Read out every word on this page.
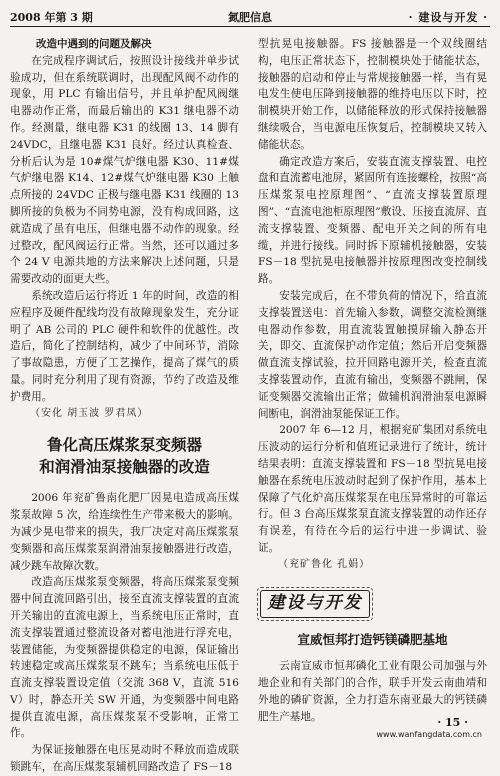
2008 年第 3 期	氮肥信息	· 建设与开发 ·

改造中遇到的问题及解决

在完成程序调试后，按照设计接线并单步试验成功，但在系统联调时，出现配风阀不动作的现象，用 PLC 有输出信号，并且单护配风阀继电器动作正常，而最后输出的 K31 继电器不动作。经测量，继电器 K31 的线圈 13、14 脚有 24VDC，且继电器 K31 良好。经过认真检查、分析后认为是 10#煤气炉继电器 K30、11#煤气炉继电器 K14、12#煤气炉继电器 K30 上触点所接的 24VDC 正极与继电器 K31 线圈的 13 脚所接的负极为不同势电源，没有构成回路，这就造成了虽有电压，但继电器不动作的现象。经过整改，配风阀运行正常。当然，还可以通过多个 24 V 电源共地的方法来解决上述问题，只是需要改动的面更大些。

系统改造后运行将近 1 年的时间，改造的相应程序及硬件配线均没有故障现象发生，充分证明了 AB 公司的 PLC 硬件和软件的优越性。改造后，简化了控制结构，减少了中间环节，消除了事故隐患，方便了工艺操作，提高了煤气的质量。同时充分利用了现有资源，节约了改造及维护费用。

（安化 胡玉波 罗君凤）

鲁化高压煤浆泵变频器
和润滑油泵接触器的改造

2006 年兖矿鲁南化肥厂因晃电造成高压煤浆泵故障 5 次，给连续性生产带来极大的影响。为减少晃电带来的损失，我厂决定对高压煤浆泵变频器和高压煤浆泵润滑油泵接触器进行改造，减少跳车故障次数。

改造高压煤浆泵变频器，将高压煤浆泵变频器中间直流回路引出，接至直流支撑装置的直流开关输出的直流电源上，当系统电压正常时，直流支撑装置通过整流设备对蓄电池进行浮充电，装置储能，为变频器提供稳定的电源，保证输出转速稳定或高压煤浆泵不跳车；当系统电压低于直流支撑装置设定值（交流 368 V，直流 516 V）时，静态开关 SW 开通，为变频器中间电路提供直流电源，高压煤浆泵不受影响，正常工作。

为保证接触器在电压晃动时不释放而造成联锁跳车，在高压煤浆泵辅机回路改造了 FS－18

型抗晃电接触器。FS 接触器是一个双线圈结构，电压正常状态下，控制模块处于储能状态，接触器的启动和停止与常规接触器一样，当有晃电发生使电压降到接触器的维持电压以下时，控制模块开始工作，以储能释放的形式保持接触器继续吸合，当电源电压恢复后，控制模块又转入储能状态。

确定改造方案后，安装直流支撑装置、电控盘和直流蓄电池屏，紧固所有连接螺栓，按照“高压煤浆泵电控原理图”、“直流支撑装置原理图”、“直流电池柜原理图”敷设、压接直流屏、直流支撑装置、变频器、配电开关之间的所有电缆，并进行接线。同时拆下原辅机接触器，安装 FS－18 型抗晃电接触器并按原理图改变控制线路。

安装完成后，在不带负荷的情况下，给直流支撑装置送电：首先输入参数，调整交流检测继电器动作参数，用直流装置触摸屏输入静态开关，即交、直流保护动作定值；然后开启变频器做直流支撑试验，拉开回路电源开关，检查直流支撑装置动作，直流有输出，变频器不跳闸，保证变频器交流输出正常；做辅机润滑油泵电源瞬间断电，润滑油泵能保证工作。

2007 年 6—12 月，根据兖矿集团对系统电压波动的运行分析和值班记录进行了统计，统计结果表明：直流支撑装置和 FS－18 型抗晃电接触器在系统电压波动时起到了保护作用，基本上保障了气化炉高压煤浆泵在电压异常时的可靠运行。但 3 台高压煤浆泵直流支撑装置的动作还存有误差，有待在今后的运行中进一步调试、验证。

（兖矿鲁化 孔娟）

建设与开发
宣威恒邦打造钙镁磷肥基地

云南宣威市恒邦磷化工业有限公司加强与外地企业和有关部门的合作，联手开发云南曲靖和外地的磷矿资源，全力打造东南亚最大的钙镁磷肥生产基地。	· 15 ·
www.wanfangdata.com.cn
